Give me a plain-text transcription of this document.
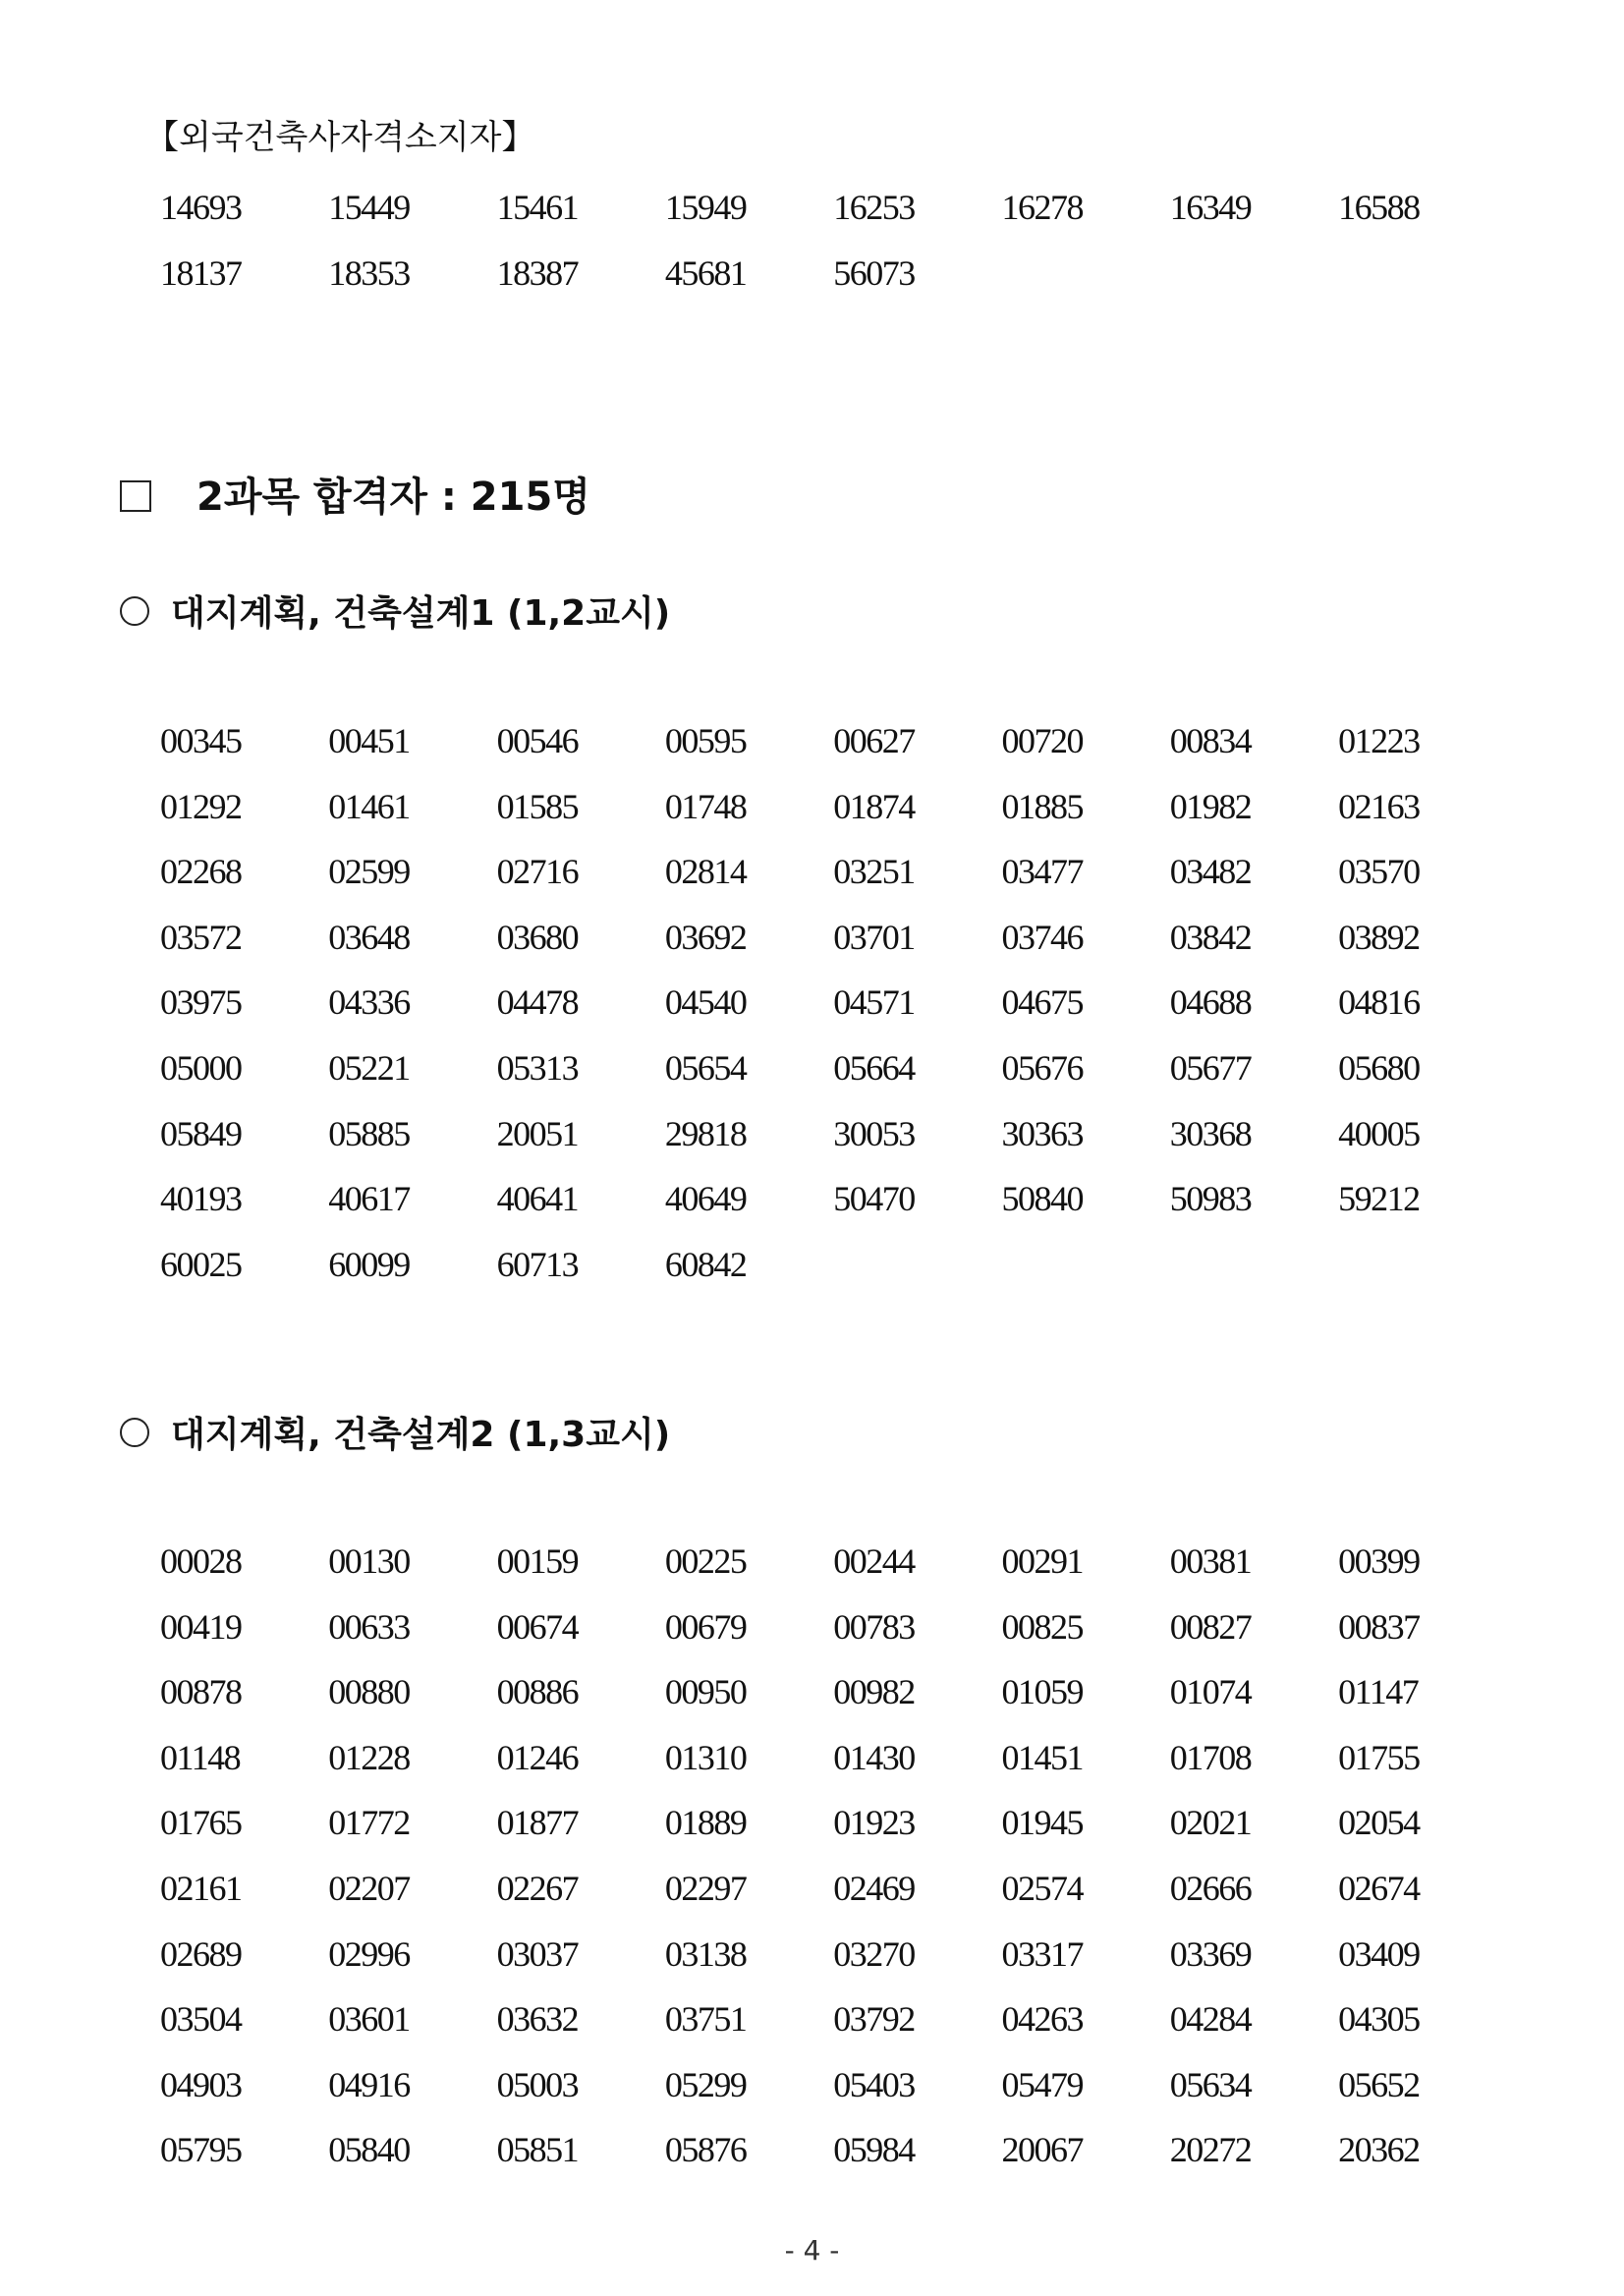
【외국건축사자격소지자】
14693	15449	15461	15949	16253	16278	16349	16588
18137	18353	18387	45681	56073
2과목 합격자 : 215명
대지계획, 건축설계1 (1,2교시)
00345	00451	00546	00595	00627	00720	00834	01223
01292	01461	01585	01748	01874	01885	01982	02163
02268	02599	02716	02814	03251	03477	03482	03570
03572	03648	03680	03692	03701	03746	03842	03892
03975	04336	04478	04540	04571	04675	04688	04816
05000	05221	05313	05654	05664	05676	05677	05680
05849	05885	20051	29818	30053	30363	30368	40005
40193	40617	40641	40649	50470	50840	50983	59212
60025	60099	60713	60842
대지계획, 건축설계2 (1,3교시)
00028	00130	00159	00225	00244	00291	00381	00399
00419	00633	00674	00679	00783	00825	00827	00837
00878	00880	00886	00950	00982	01059	01074	01147
01148	01228	01246	01310	01430	01451	01708	01755
01765	01772	01877	01889	01923	01945	02021	02054
02161	02207	02267	02297	02469	02574	02666	02674
02689	02996	03037	03138	03270	03317	03369	03409
03504	03601	03632	03751	03792	04263	04284	04305
04903	04916	05003	05299	05403	05479	05634	05652
05795	05840	05851	05876	05984	20067	20272	20362
- 4 -
